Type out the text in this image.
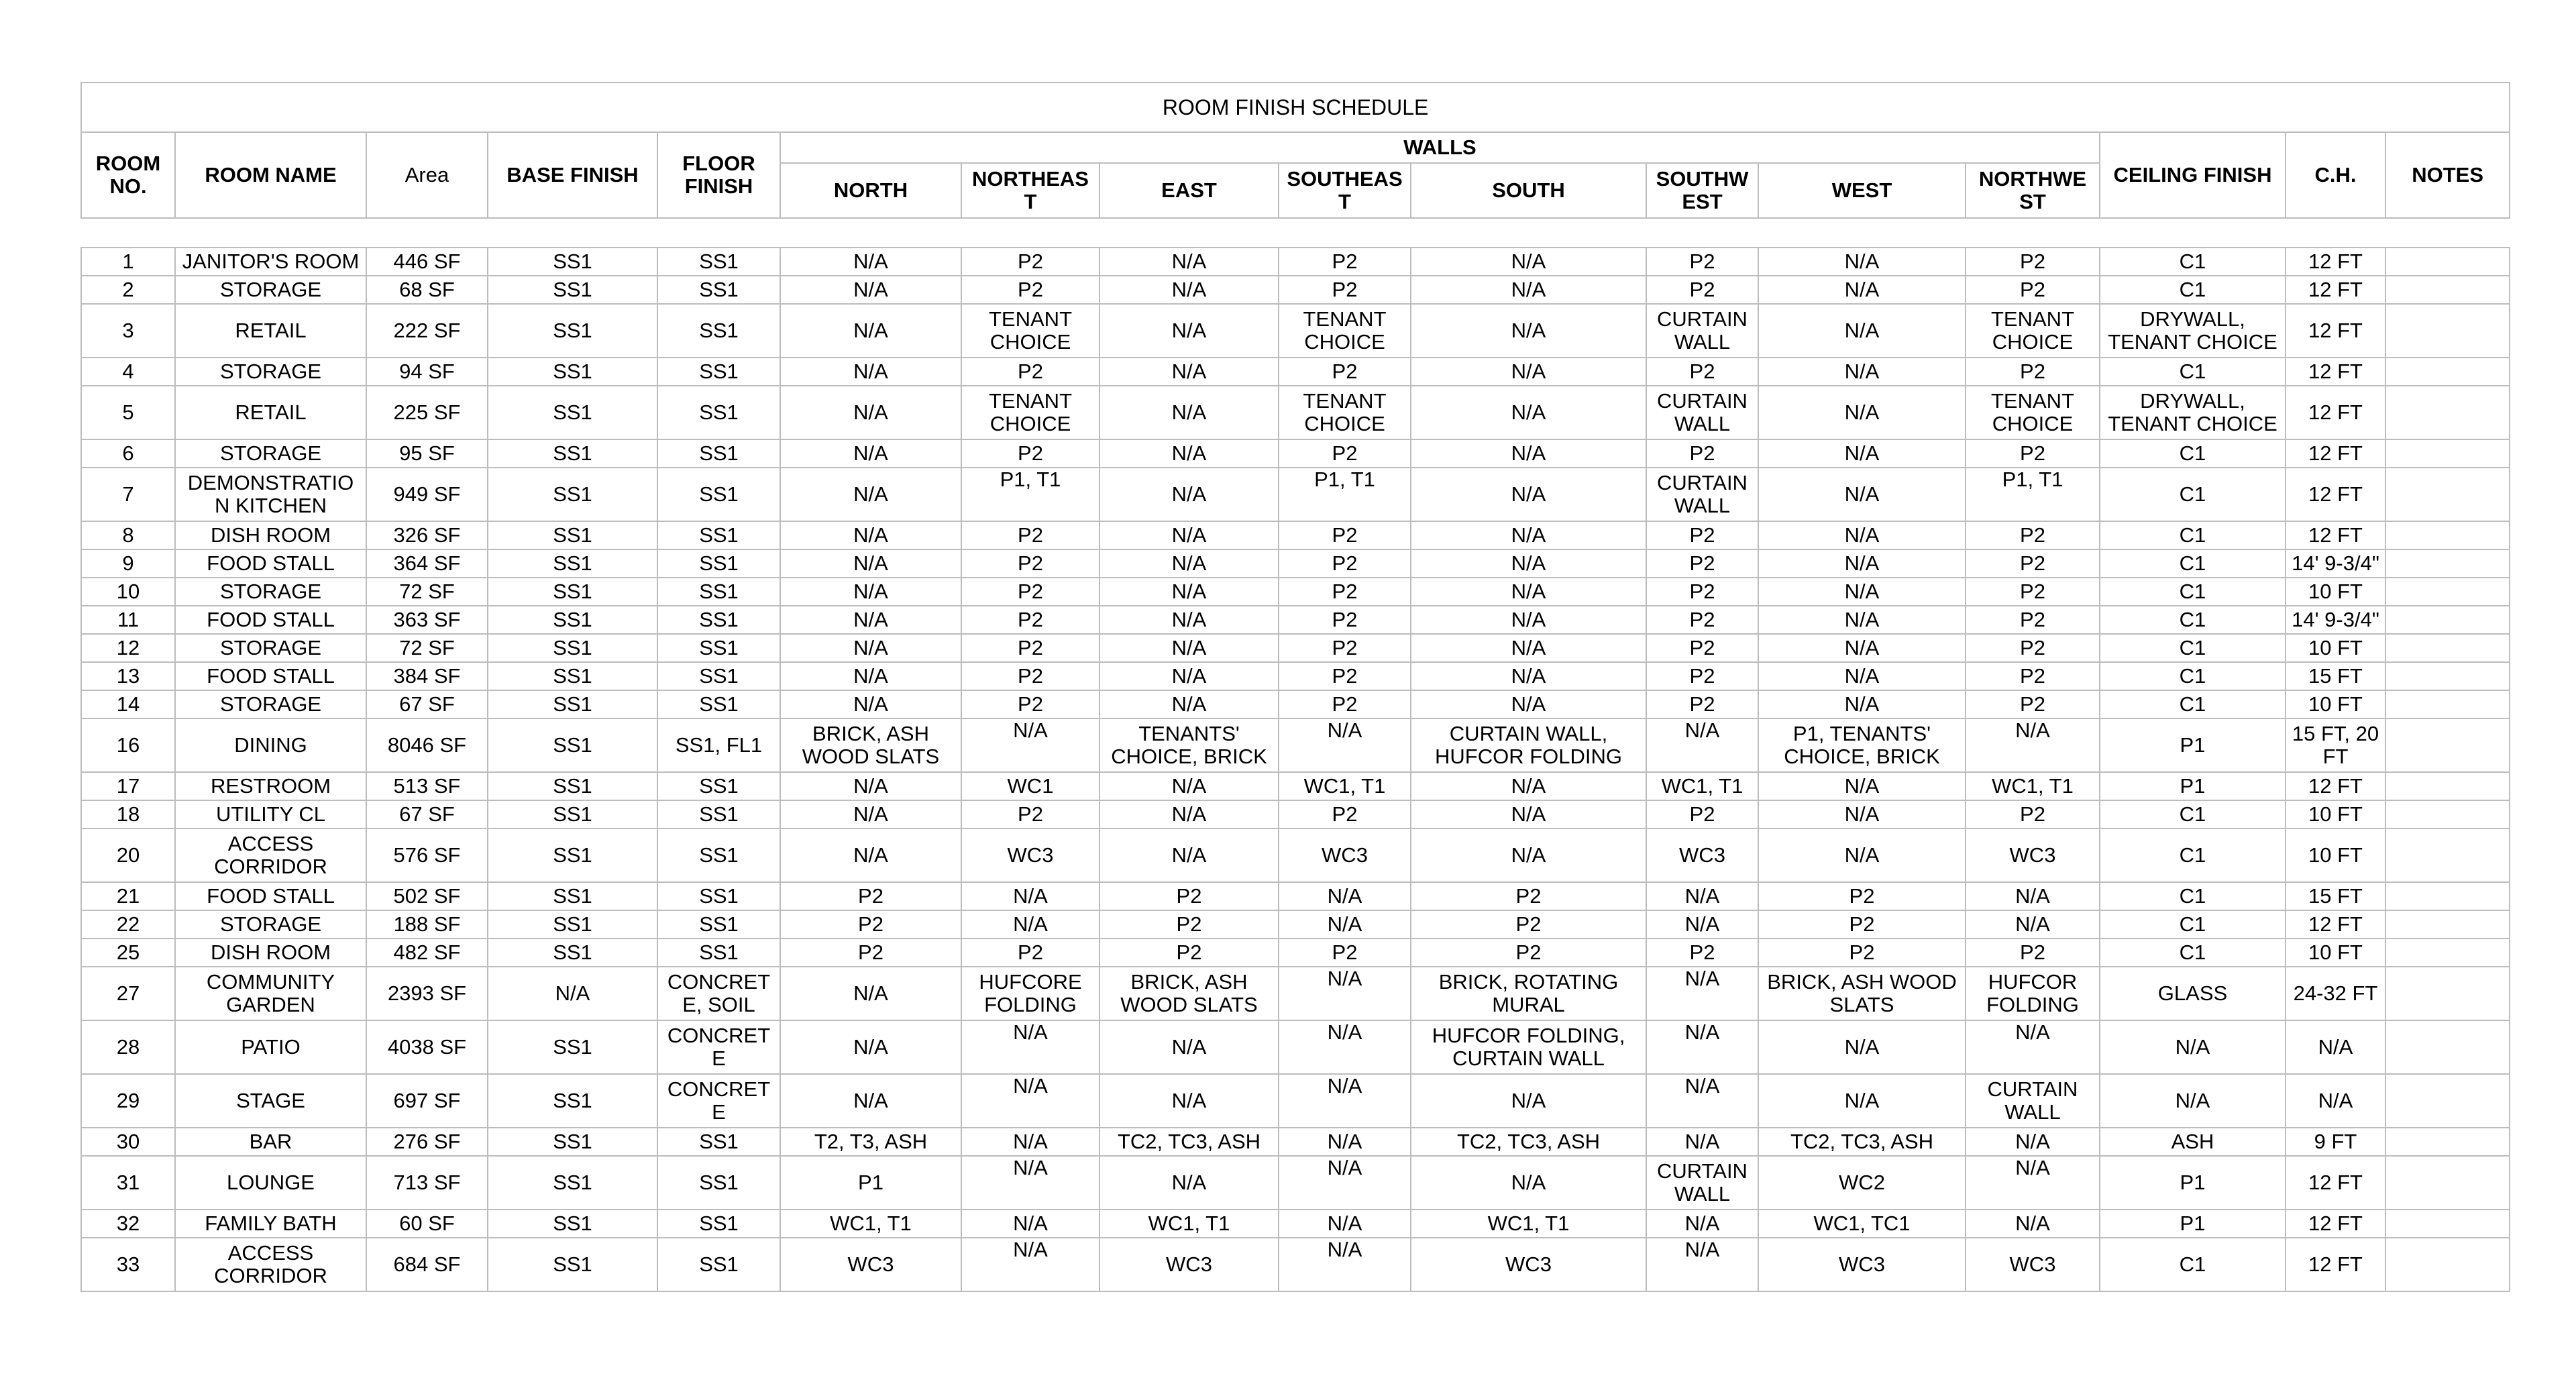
ROOM FINISH SCHEDULE															
ROOM
NO.	ROOM NAME	Area	BASE FINISH	FLOOR
FINISH	WALLS								CEILING FINISH	C.H.	NOTES
					NORTH	NORTHEAS
T	EAST	SOUTHEAS
T	SOUTH	SOUTHW
EST	WEST	NORTHWE
ST			
1	JANITOR'S ROOM	446 SF	SS1	SS1	N/A	P2	N/A	P2	N/A	P2	N/A	P2	C1	12 FT	
2	STORAGE	68 SF	SS1	SS1	N/A	P2	N/A	P2	N/A	P2	N/A	P2	C1	12 FT	
3	RETAIL	222 SF	SS1	SS1	N/A	TENANT
CHOICE	N/A	TENANT
CHOICE	N/A	CURTAIN
WALL	N/A	TENANT
CHOICE	DRYWALL,
TENANT CHOICE	12 FT	
4	STORAGE	94 SF	SS1	SS1	N/A	P2	N/A	P2	N/A	P2	N/A	P2	C1	12 FT	
5	RETAIL	225 SF	SS1	SS1	N/A	TENANT
CHOICE	N/A	TENANT
CHOICE	N/A	CURTAIN
WALL	N/A	TENANT
CHOICE	DRYWALL,
TENANT CHOICE	12 FT	
6	STORAGE	95 SF	SS1	SS1	N/A	P2	N/A	P2	N/A	P2	N/A	P2	C1	12 FT	
7	DEMONSTRATIO
N KITCHEN	949 SF	SS1	SS1	N/A	P1, T1	N/A	P1, T1	N/A	CURTAIN
WALL	N/A	P1, T1	C1	12 FT	
8	DISH ROOM	326 SF	SS1	SS1	N/A	P2	N/A	P2	N/A	P2	N/A	P2	C1	12 FT	
9	FOOD STALL	364 SF	SS1	SS1	N/A	P2	N/A	P2	N/A	P2	N/A	P2	C1	14' 9-3/4"	
10	STORAGE	72 SF	SS1	SS1	N/A	P2	N/A	P2	N/A	P2	N/A	P2	C1	10 FT	
11	FOOD STALL	363 SF	SS1	SS1	N/A	P2	N/A	P2	N/A	P2	N/A	P2	C1	14' 9-3/4"	
12	STORAGE	72 SF	SS1	SS1	N/A	P2	N/A	P2	N/A	P2	N/A	P2	C1	10 FT	
13	FOOD STALL	384 SF	SS1	SS1	N/A	P2	N/A	P2	N/A	P2	N/A	P2	C1	15 FT	
14	STORAGE	67 SF	SS1	SS1	N/A	P2	N/A	P2	N/A	P2	N/A	P2	C1	10 FT	
16	DINING	8046 SF	SS1	SS1, FL1	BRICK, ASH
WOOD SLATS	N/A	TENANTS'
CHOICE, BRICK	N/A	CURTAIN WALL,
HUFCOR FOLDING	N/A	P1, TENANTS'
CHOICE, BRICK	N/A	P1	15 FT, 20
FT	
17	RESTROOM	513 SF	SS1	SS1	N/A	WC1	N/A	WC1, T1	N/A	WC1, T1	N/A	WC1, T1	P1	12 FT	
18	UTILITY CL	67 SF	SS1	SS1	N/A	P2	N/A	P2	N/A	P2	N/A	P2	C1	10 FT	
20	ACCESS
CORRIDOR	576 SF	SS1	SS1	N/A	WC3	N/A	WC3	N/A	WC3	N/A	WC3	C1	10 FT	
21	FOOD STALL	502 SF	SS1	SS1	P2	N/A	P2	N/A	P2	N/A	P2	N/A	C1	15 FT	
22	STORAGE	188 SF	SS1	SS1	P2	N/A	P2	N/A	P2	N/A	P2	N/A	C1	12 FT	
25	DISH ROOM	482 SF	SS1	SS1	P2	P2	P2	P2	P2	P2	P2	P2	C1	10 FT	
27	COMMUNITY
GARDEN	2393 SF	N/A	CONCRET
E, SOIL	N/A	HUFCORE
FOLDING	BRICK, ASH
WOOD SLATS	N/A	BRICK, ROTATING
MURAL	N/A	BRICK, ASH WOOD
SLATS	HUFCOR
FOLDING	GLASS	24-32 FT	
28	PATIO	4038 SF	SS1	CONCRET
E	N/A	N/A	N/A	N/A	HUFCOR FOLDING,
CURTAIN WALL	N/A	N/A	N/A	N/A	N/A	
29	STAGE	697 SF	SS1	CONCRET
E	N/A	N/A	N/A	N/A	N/A	N/A	N/A	CURTAIN
WALL	N/A	N/A	
30	BAR	276 SF	SS1	SS1	T2, T3, ASH	N/A	TC2, TC3, ASH	N/A	TC2, TC3, ASH	N/A	TC2, TC3, ASH	N/A	ASH	9 FT	
31	LOUNGE	713 SF	SS1	SS1	P1	N/A	N/A	N/A	N/A	CURTAIN
WALL	WC2	N/A	P1	12 FT	
32	FAMILY BATH	60 SF	SS1	SS1	WC1, T1	N/A	WC1, T1	N/A	WC1, T1	N/A	WC1, TC1	N/A	P1	12 FT	
33	ACCESS
CORRIDOR	684 SF	SS1	SS1	WC3	N/A	WC3	N/A	WC3	N/A	WC3	WC3	C1	12 FT	
